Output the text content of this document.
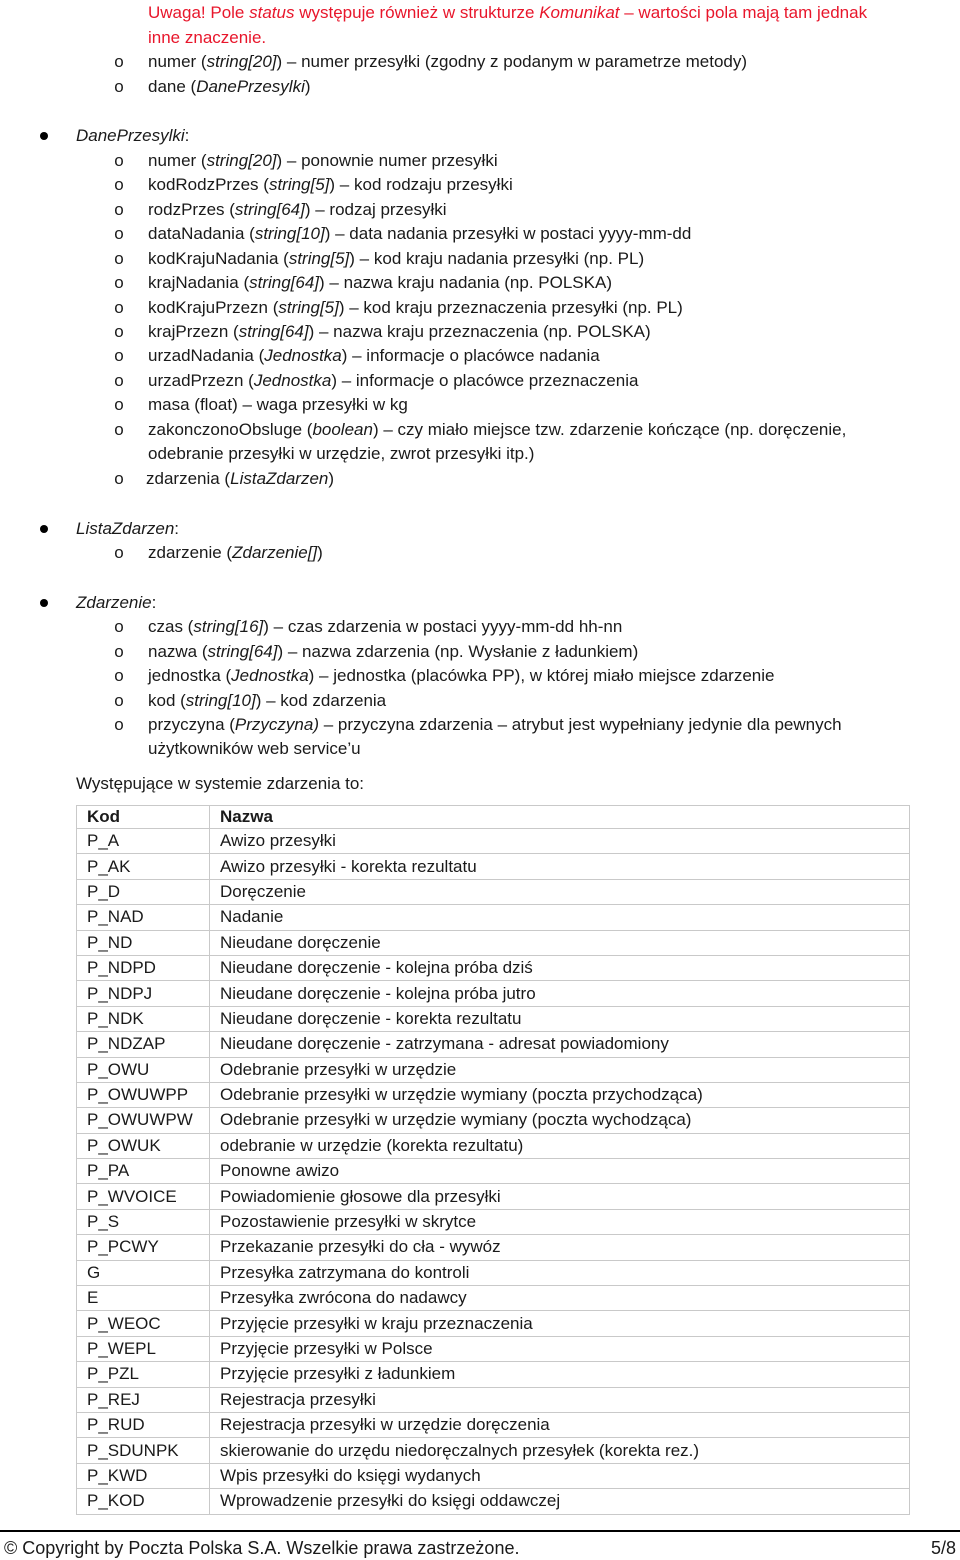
Uwaga! Pole status występuje również w strukturze Komunikat – wartości pola mają tam jednak
inne znaczenie.
o numer (string[20]) – numer przesyłki (zgodny z podanym w parametrze metody)
o dane (DanePrzesylki)
DanePrzesylki:
o numer (string[20]) – ponownie numer przesyłki
o kodRodzPrzes (string[5]) – kod rodzaju przesyłki
o rodzPrzes (string[64]) – rodzaj przesyłki
o dataNadania (string[10]) – data nadania przesyłki w postaci yyyy-mm-dd
o kodKrajuNadania (string[5]) – kod kraju nadania przesyłki (np. PL)
o krajNadania (string[64]) – nazwa kraju nadania (np. POLSKA)
o kodKrajuPrzezn (string[5]) – kod kraju przeznaczenia przesyłki (np. PL)
o krajPrzezn (string[64]) – nazwa kraju przeznaczenia (np. POLSKA)
o urzadNadania (Jednostka) – informacje o placówce nadania
o urzadPrzezn (Jednostka) – informacje o placówce przeznaczenia
o masa (float) – waga przesyłki w kg
o zakonczonoObsluge (boolean) – czy miało miejsce tzw. zdarzenie kończące (np. doręczenie,
odebranie przesyłki w urzędzie, zwrot przesyłki itp.)
o zdarzenia (ListaZdarzen)
ListaZdarzen:
o zdarzenie (Zdarzenie[])
Zdarzenie:
o czas (string[16]) – czas zdarzenia w postaci yyyy-mm-dd hh-nn
o nazwa (string[64]) – nazwa zdarzenia (np. Wysłanie z ładunkiem)
o jednostka (Jednostka) – jednostka (placówka PP), w której miało miejsce zdarzenie
o kod (string[10]) – kod zdarzenia
o przyczyna (Przyczyna) – przyczyna zdarzenia – atrybut jest wypełniany jedynie dla pewnych
użytkowników web service’u
Występujące w systemie zdarzenia to:
Kod	Nazwa
P_A	Awizo przesyłki
P_AK	Awizo przesyłki - korekta rezultatu
P_D	Doręczenie
P_NAD	Nadanie
P_ND	Nieudane doręczenie
P_NDPD	Nieudane doręczenie - kolejna próba dziś
P_NDPJ	Nieudane doręczenie - kolejna próba jutro
P_NDK	Nieudane doręczenie - korekta rezultatu
P_NDZAP	Nieudane doręczenie - zatrzymana - adresat powiadomiony
P_OWU	Odebranie przesyłki w urzędzie
P_OWUWPP	Odebranie przesyłki w urzędzie wymiany (poczta przychodząca)
P_OWUWPW	Odebranie przesyłki w urzędzie wymiany (poczta wychodząca)
P_OWUK	odebranie w urzędzie (korekta rezultatu)
P_PA	Ponowne awizo
P_WVOICE	Powiadomienie głosowe dla przesyłki
P_S	Pozostawienie przesyłki w skrytce
P_PCWY	Przekazanie przesyłki do cła - wywóz
G	Przesyłka zatrzymana do kontroli
E	Przesyłka zwrócona do nadawcy
P_WEOC	Przyjęcie przesyłki w kraju przeznaczenia
P_WEPL	Przyjęcie przesyłki w Polsce
P_PZL	Przyjęcie przesyłki z ładunkiem
P_REJ	Rejestracja przesyłki
P_RUD	Rejestracja przesyłki w urzędzie doręczenia
P_SDUNPK	skierowanie do urzędu niedoręczalnych przesyłek (korekta rez.)
P_KWD	Wpis przesyłki do księgi wydanych
P_KOD	Wprowadzenie przesyłki do księgi oddawczej
© Copyright by Poczta Polska S.A. Wszelkie prawa zastrzeżone.	5/8
